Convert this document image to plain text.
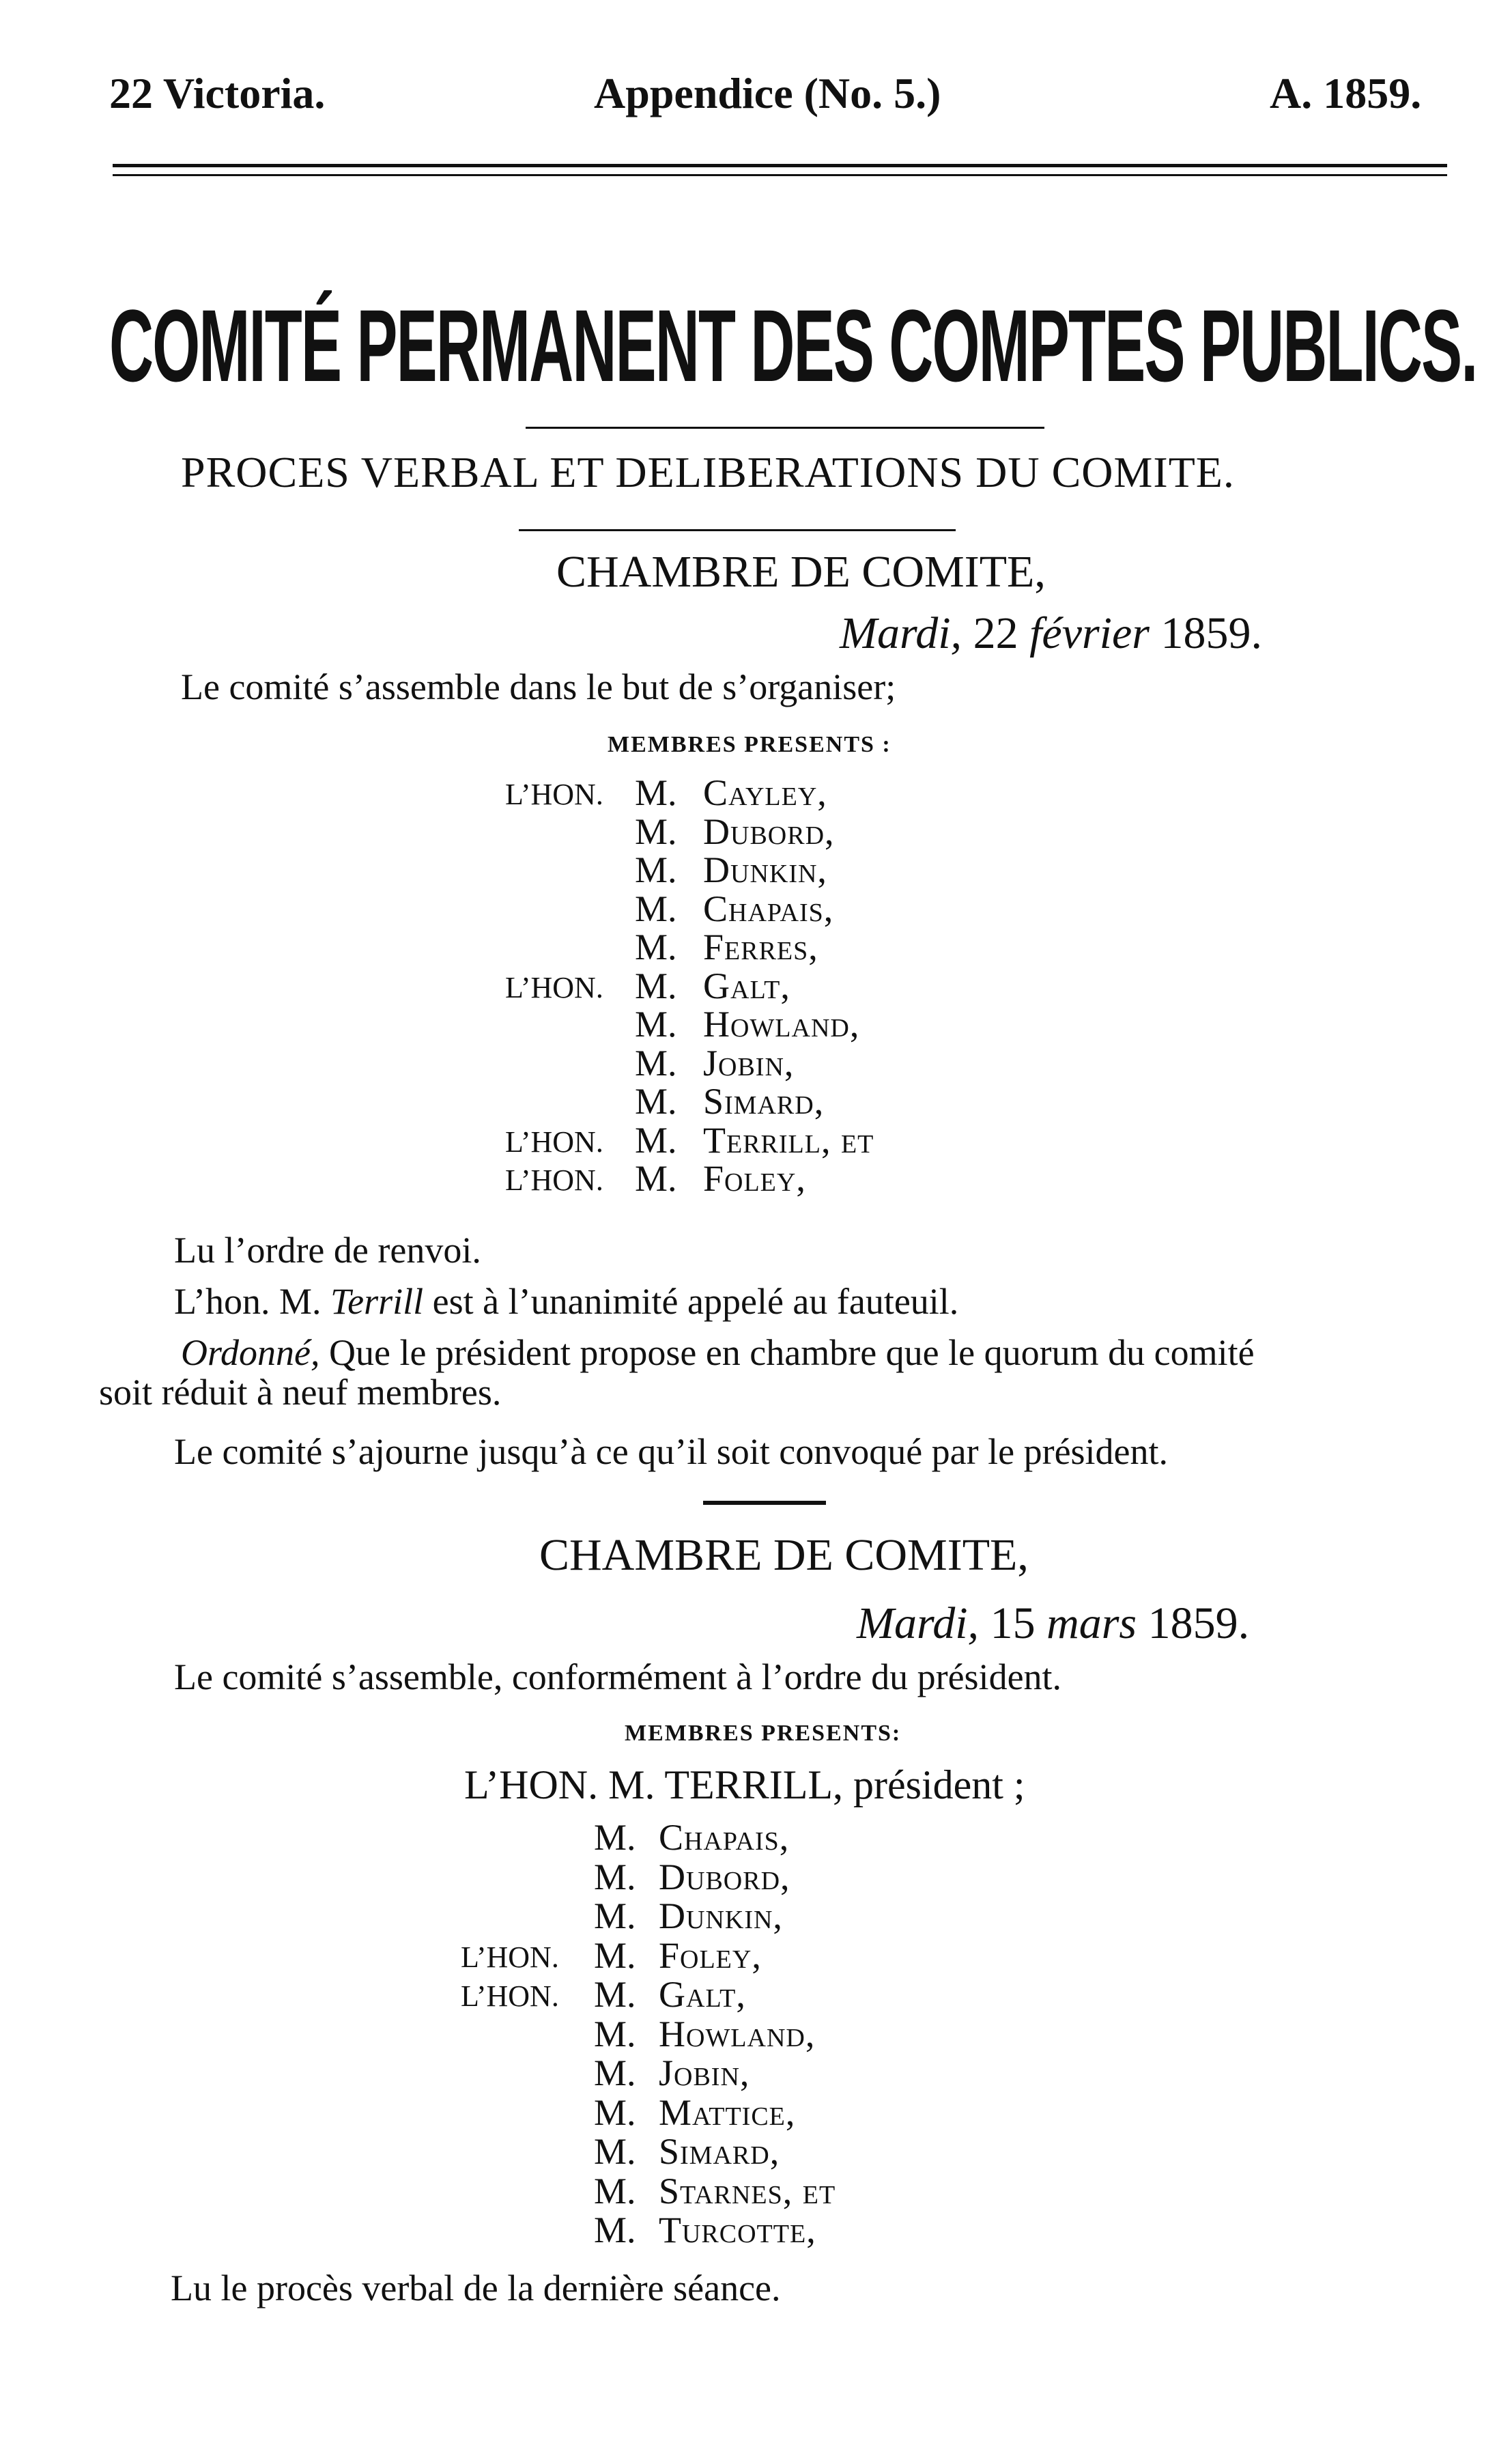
22 Victoria.	Appendice (No. 5.)	A. 1859.
COMITÉ PERMANENT DES COMPTES PUBLICS.
PROCES VERBAL ET DELIBERATIONS DU COMITE.
CHAMBRE DE COMITE,
Mardi, 22 février 1859.
Le comité s’assemble dans le but de s’organiser;
MEMBRES PRESENTS :
L’HON. M. Cayley,
M. Dubord,
M. Dunkin,
M. Chapais,
M. Ferres,
L’HON. M. Galt,
M. Howland,
M. Jobin,
M. Simard,
L’HON. M. Terrill, et
L’HON. M. Foley,
Lu l’ordre de renvoi.
L’hon. M. Terrill est à l’unanimité appelé au fauteuil.
Ordonné, Que le président propose en chambre que le quorum du comité
soit réduit à neuf membres.
Le comité s’ajourne jusqu’à ce qu’il soit convoqué par le président.
CHAMBRE DE COMITE,
Mardi, 15 mars 1859.
Le comité s’assemble, conformément à l’ordre du président.
MEMBRES PRESENTS:
L’HON. M. TERRILL, président ;
M. Chapais,
M. Dubord,
M. Dunkin,
L’HON. M. Foley,
L’HON. M. Galt,
M. Howland,
M. Jobin,
M. Mattice,
M. Simard,
M. Starnes, et
M. Turcotte,
Lu le procès verbal de la dernière séance.
